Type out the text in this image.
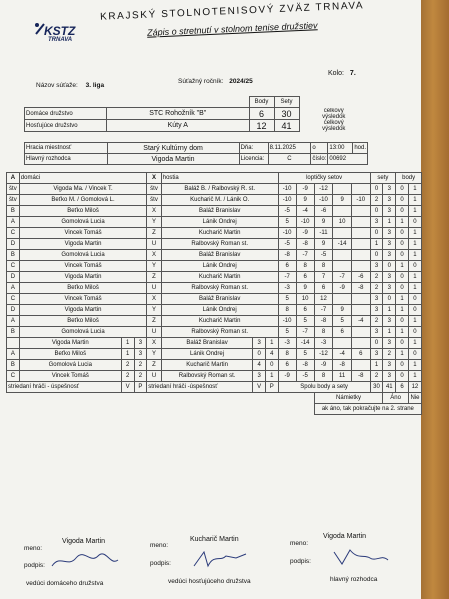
KSTZ
TRNAVA
KRAJSKÝ STOLNOTENISOVÝ ZVÄZ TRNAVA
Zápis o stretnutí v stolnom tenise družstiev
Názov súťaže: 3. liga
Súťažný ročník: 2024/25
Kolo: 7.
		Body	Sety	
Domáce družstvo	STC Rohožník "B"	6	30	celkový
výsledok
celkový
výsledok

Hosťujúce družstvo	Kúty A	12	41	
Hracia miestnosť	Starý Kultúrny dom	Dňa:	8.11.2025	o	13:00	hod.
Hlavný rozhodca	Vigoda Martin	Licencia:	C	číslo:	00692	
A	domáci			X	hostia			loptičky setov					sety		body	
štv	Vigoda Ma. / Vincek T.			štv	Baláž B. / Ralbovský R. st.			-10	-9	-12			0	3	0	1
štv	Beťko M. / Gomolová L.			štv	Kucharič M. / Lánik O.			-10	9	-10	9	-10	2	3	0	1
B	Beťko Miloš			X	Baláž Branislav			-5	-4	-6			0	3	0	1
A	Gomolová Lucia			Y	Lánik Ondrej			5	-10	9	10		3	1	1	0
C	Vincek Tomáš			Z	Kucharič Martin			-10	-9	-11			0	3	0	1
D	Vigoda Martin			U	Ralbovský Roman st.			-5	-8	9	-14		1	3	0	1
B	Gomolová Lucia			X	Baláž Branislav			-8	-7	-5			0	3	0	1
C	Vincek Tomáš			Y	Lánik Ondrej			6	8	8			3	0	1	0
D	Vigoda Martin			Z	Kucharič Martin			-7	6	7	-7	-6	2	3	0	1
A	Beťko Miloš			U	Ralbovský Roman st.			-3	9	6	-9	-8	2	3	0	1
C	Vincek Tomáš			X	Baláž Branislav			5	10	12			3	0	1	0
D	Vigoda Martin			Y	Lánik Ondrej			8	6	-7	9		3	1	1	0
A	Beťko Miloš			Z	Kucharič Martin			-10	5	-8	5	-4	2	3	0	1
B	Gomolová Lucia			U	Ralbovský Roman st.			5	-7	8	6		3	1	1	0
	Vigoda Martin	1	3	X	Baláž Branislav	3	1	-3	-14	-3			0	3	0	1
A	Beťko Miloš	1	3	Y	Lánik Ondrej	0	4	8	5	-12	-4	6	3	2	1	0
B	Gomolová Lucia	2	2	Z	Kucharič Martin	4	0	6	-8	-9	-8		1	3	0	1
C	Vincek Tomáš	2	2	U	Ralbovský Roman st.	3	1	-9	-5	8	11	-8	2	3	0	1
striedaní hráči - úspešnosť		V	P	striedaní hráči -úspešnosť		V	P	Spolu body a sety					30	41	6	12
										Námietky				Áno		Nie
										ak áno, tak pokračujte na 2. strane						
meno:
Vigoda Martin
meno:
Kucharič Martin
meno:
Vigoda Martin
podpis:	podpis:	podpis:
vedúci domáceho družstva	vedúci hosťujúceho družstva	hlavný rozhodca
